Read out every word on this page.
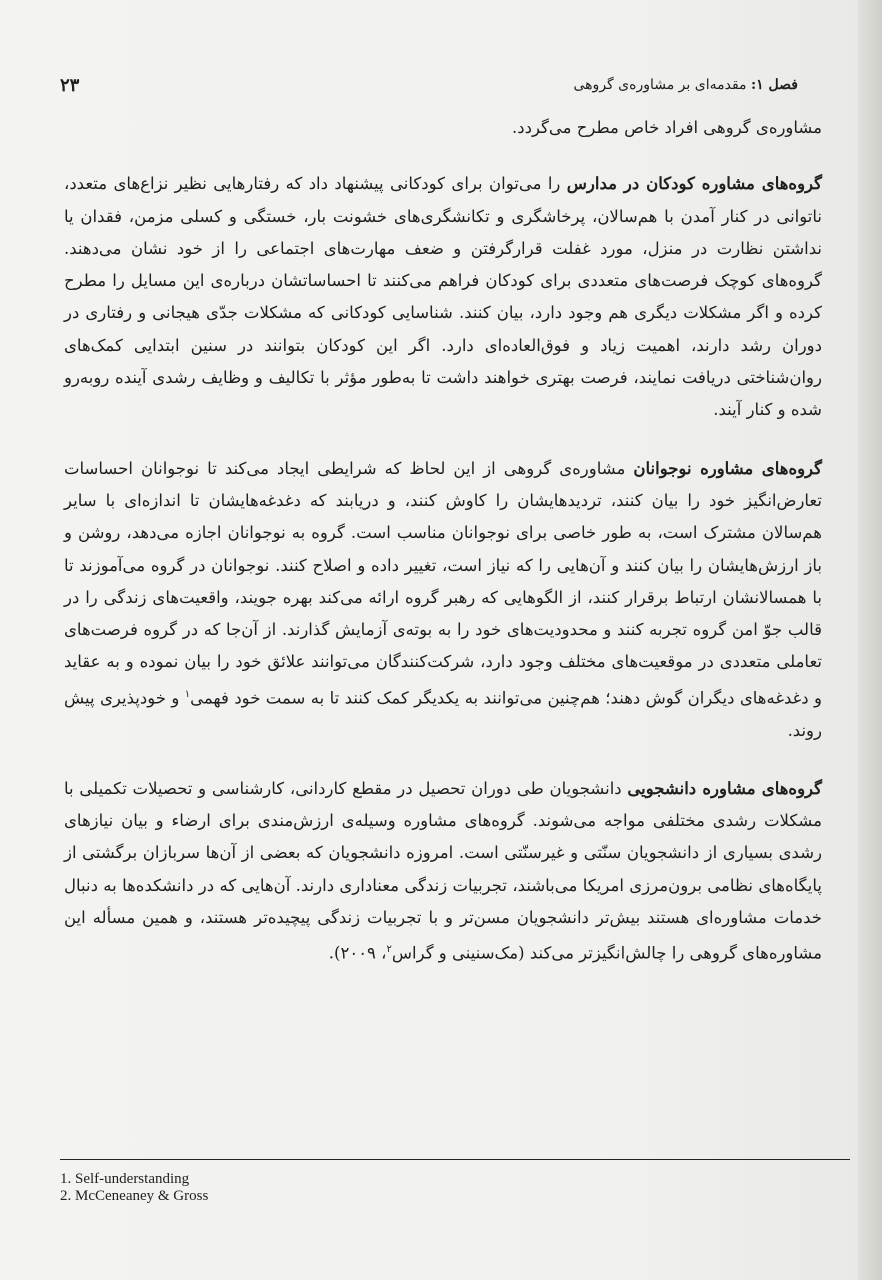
۲۳	فصل ۱: مقدمه‌ای بر مشاوره‌ی گروهی

مشاوره‌ی گروهی افراد خاص مطرح می‌گردد.

گروه‌های مشاوره کودکان در مدارس را می‌توان برای کودکانی پیشنهاد داد که رفتارهایی نظیر نزاع‌های متعدد، ناتوانی در کنار آمدن با هم‌سالان، پرخاشگری و تکانشگری‌های خشونت بار، خستگی و کسلی مزمن، فقدان یا نداشتن نظارت در منزل، مورد غفلت قرارگرفتن و ضعف مهارت‌های اجتماعی را از خود نشان می‌دهند. گروه‌های کوچک فرصت‌های متعددی برای کودکان فراهم می‌کنند تا احساساتشان درباره‌ی این مسایل را مطرح کرده و اگر مشکلات دیگری هم وجود دارد، بیان کنند. شناسایی کودکانی که مشکلات جدّی هیجانی و رفتاری در دوران رشد دارند، اهمیت زیاد و فوق‌العاده‌ای دارد. اگر این کودکان بتوانند در سنین ابتدایی کمک‌های روان‌شناختی دریافت نمایند، فرصت بهتری خواهند داشت تا به‌طور مؤثر با تکالیف و وظایف رشدی آینده روبه‌رو شده و کنار آیند.

گروه‌های مشاوره نوجوانان مشاوره‌ی گروهی از این لحاظ که شرایطی ایجاد می‌کند تا نوجوانان احساسات تعارض‌انگیز خود را بیان کنند، تردیدهایشان را کاوش کنند، و دریابند که دغدغه‌هایشان تا اندازه‌ای با سایر هم‌سالان مشترک است، به طور خاصی برای نوجوانان مناسب است. گروه به نوجوانان اجازه می‌دهد، روشن و باز ارزش‌هایشان را بیان کنند و آن‌هایی را که نیاز است، تغییر داده و اصلاح کنند. نوجوانان در گروه می‌آموزند تا با همسالانشان ارتباط برقرار کنند، از الگوهایی که رهبر گروه ارائه می‌کند بهره جویند، واقعیت‌های زندگی را در قالب جوّ امن گروه تجربه کنند و محدودیت‌های خود را به بوته‌ی آزمایش گذارند. از آن‌جا که در گروه فرصت‌های تعاملی متعددی در موقعیت‌های مختلف وجود دارد، شرکت‌کنندگان می‌توانند علائق خود را بیان نموده و به عقاید و دغدغه‌های دیگران گوش دهند؛ هم‌چنین می‌توانند به یکدیگر کمک کنند تا به سمت خود فهمی$^۱$ و خودپذیری پیش روند.

گروه‌های مشاوره دانشجویی دانشجویان طی دوران تحصیل در مقطع کاردانی، کارشناسی و تحصیلات تکمیلی با مشکلات رشدی مختلفی مواجه می‌شوند. گروه‌های مشاوره وسیله‌ی ارزش‌مندی برای ارضاء و بیان نیازهای رشدی بسیاری از دانشجویان سنّتی و غیرسنّتی است. امروزه دانشجویان که بعضی از آن‌ها سربازان برگشتی از پایگاه‌های نظامی برون‌مرزی امریکا می‌باشند، تجربیات زندگی معناداری دارند. آن‌هایی که در دانشکده‌ها به دنبال خدمات مشاوره‌ای هستند بیش‌تر دانشجویان مسن‌تر و با تجربیات زندگی پیچیده‌تر هستند، و همین مسأله این مشاوره‌های گروهی را چالش‌انگیزتر می‌کند (مک‌سنینی و گراس$^۲$، ۲۰۰۹).

1. Self-understanding
2. McCeneaney & Gross
